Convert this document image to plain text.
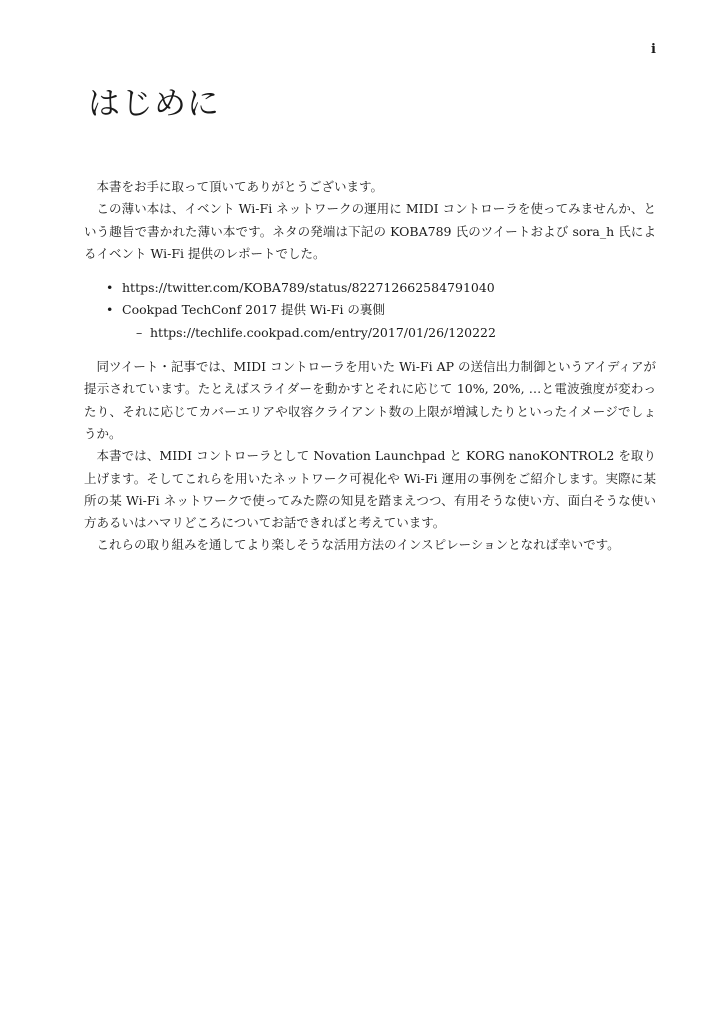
i
はじめに

本書をお手に取って頂いてありがとうございます。

この薄い本は、イベント Wi-Fi ネットワークの運用に MIDI コントローラを使ってみませんか、という趣旨で書かれた薄い本です。ネタの発端は下記の KOBA789 氏のツイートおよび sora_h 氏によるイベント Wi-Fi 提供のレポートでした。

• https://twitter.com/KOBA789/status/822712662584791040
• Cookpad TechConf 2017 提供 Wi-Fi の裏側
– https://techlife.cookpad.com/entry/2017/01/26/120222

同ツイート・記事では、MIDI コントローラを用いた Wi-Fi AP の送信出力制御というアイディアが提示されています。たとえばスライダーを動かすとそれに応じて 10%, 20%, …と電波強度が変わったり、それに応じてカバーエリアや収容クライアント数の上限が増減したりといったイメージでしょうか。

本書では、MIDI コントローラとして Novation Launchpad と KORG nanoKONTROL2 を取り上げます。そしてこれらを用いたネットワーク可視化や Wi-Fi 運用の事例をご紹介します。実際に某所の某 Wi-Fi ネットワークで使ってみた際の知見を踏まえつつ、有用そうな使い方、面白そうな使い方あるいはハマリどころについてお話できればと考えています。

これらの取り組みを通してより楽しそうな活用方法のインスピレーションとなれば幸いです。
